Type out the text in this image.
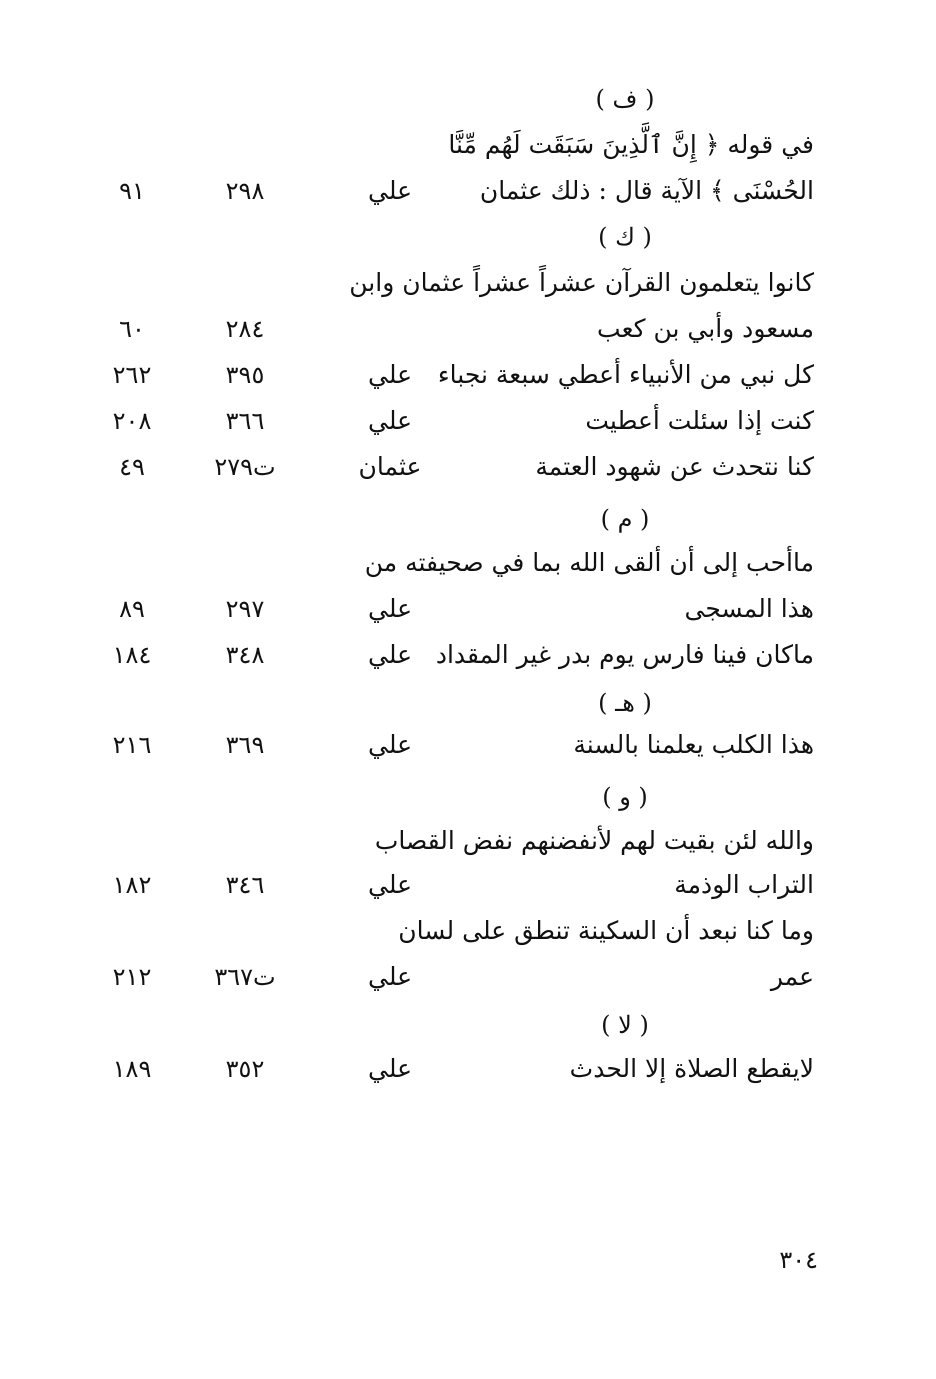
( ف )
في قوله ﴿ إِنَّ ٱلَّذِينَ سَبَقَت لَهُم مِّنَّا
الحُسْنَى ﴾ الآية قال : ذلك عثمان
علي
٢٩٨
٩١
( ك )
كانوا يتعلمون القرآن عشراً عشراً عثمان وابن
مسعود وأبي بن كعب
٢٨٤
٦٠
كل نبي من الأنبياء أعطي سبعة نجباء
علي
٣٩٥
٢٦٢
كنت إذا سئلت أعطيت
علي
٣٦٦
٢٠٨
كنا نتحدث عن شهود العتمة
عثمان
ت٢٧٩
٤٩
( م )
ماأحب إلى أن ألقى الله بما في صحيفته من
هذا المسجى
علي
٢٩٧
٨٩
ماكان فينا فارس يوم بدر غير المقداد
علي
٣٤٨
١٨٤
( هـ )
هذا الكلب يعلمنا بالسنة
علي
٣٦٩
٢١٦
( و )
والله لئن بقيت لهم لأنفضنهم نفض القصاب
التراب الوذمة
علي
٣٤٦
١٨٢
وما كنا نبعد أن السكينة تنطق على لسان
عمر
علي
ت٣٦٧
٢١٢
( لا )
لايقطع الصلاة إلا الحدث
علي
٣٥٢
١٨٩
٣٠٤
